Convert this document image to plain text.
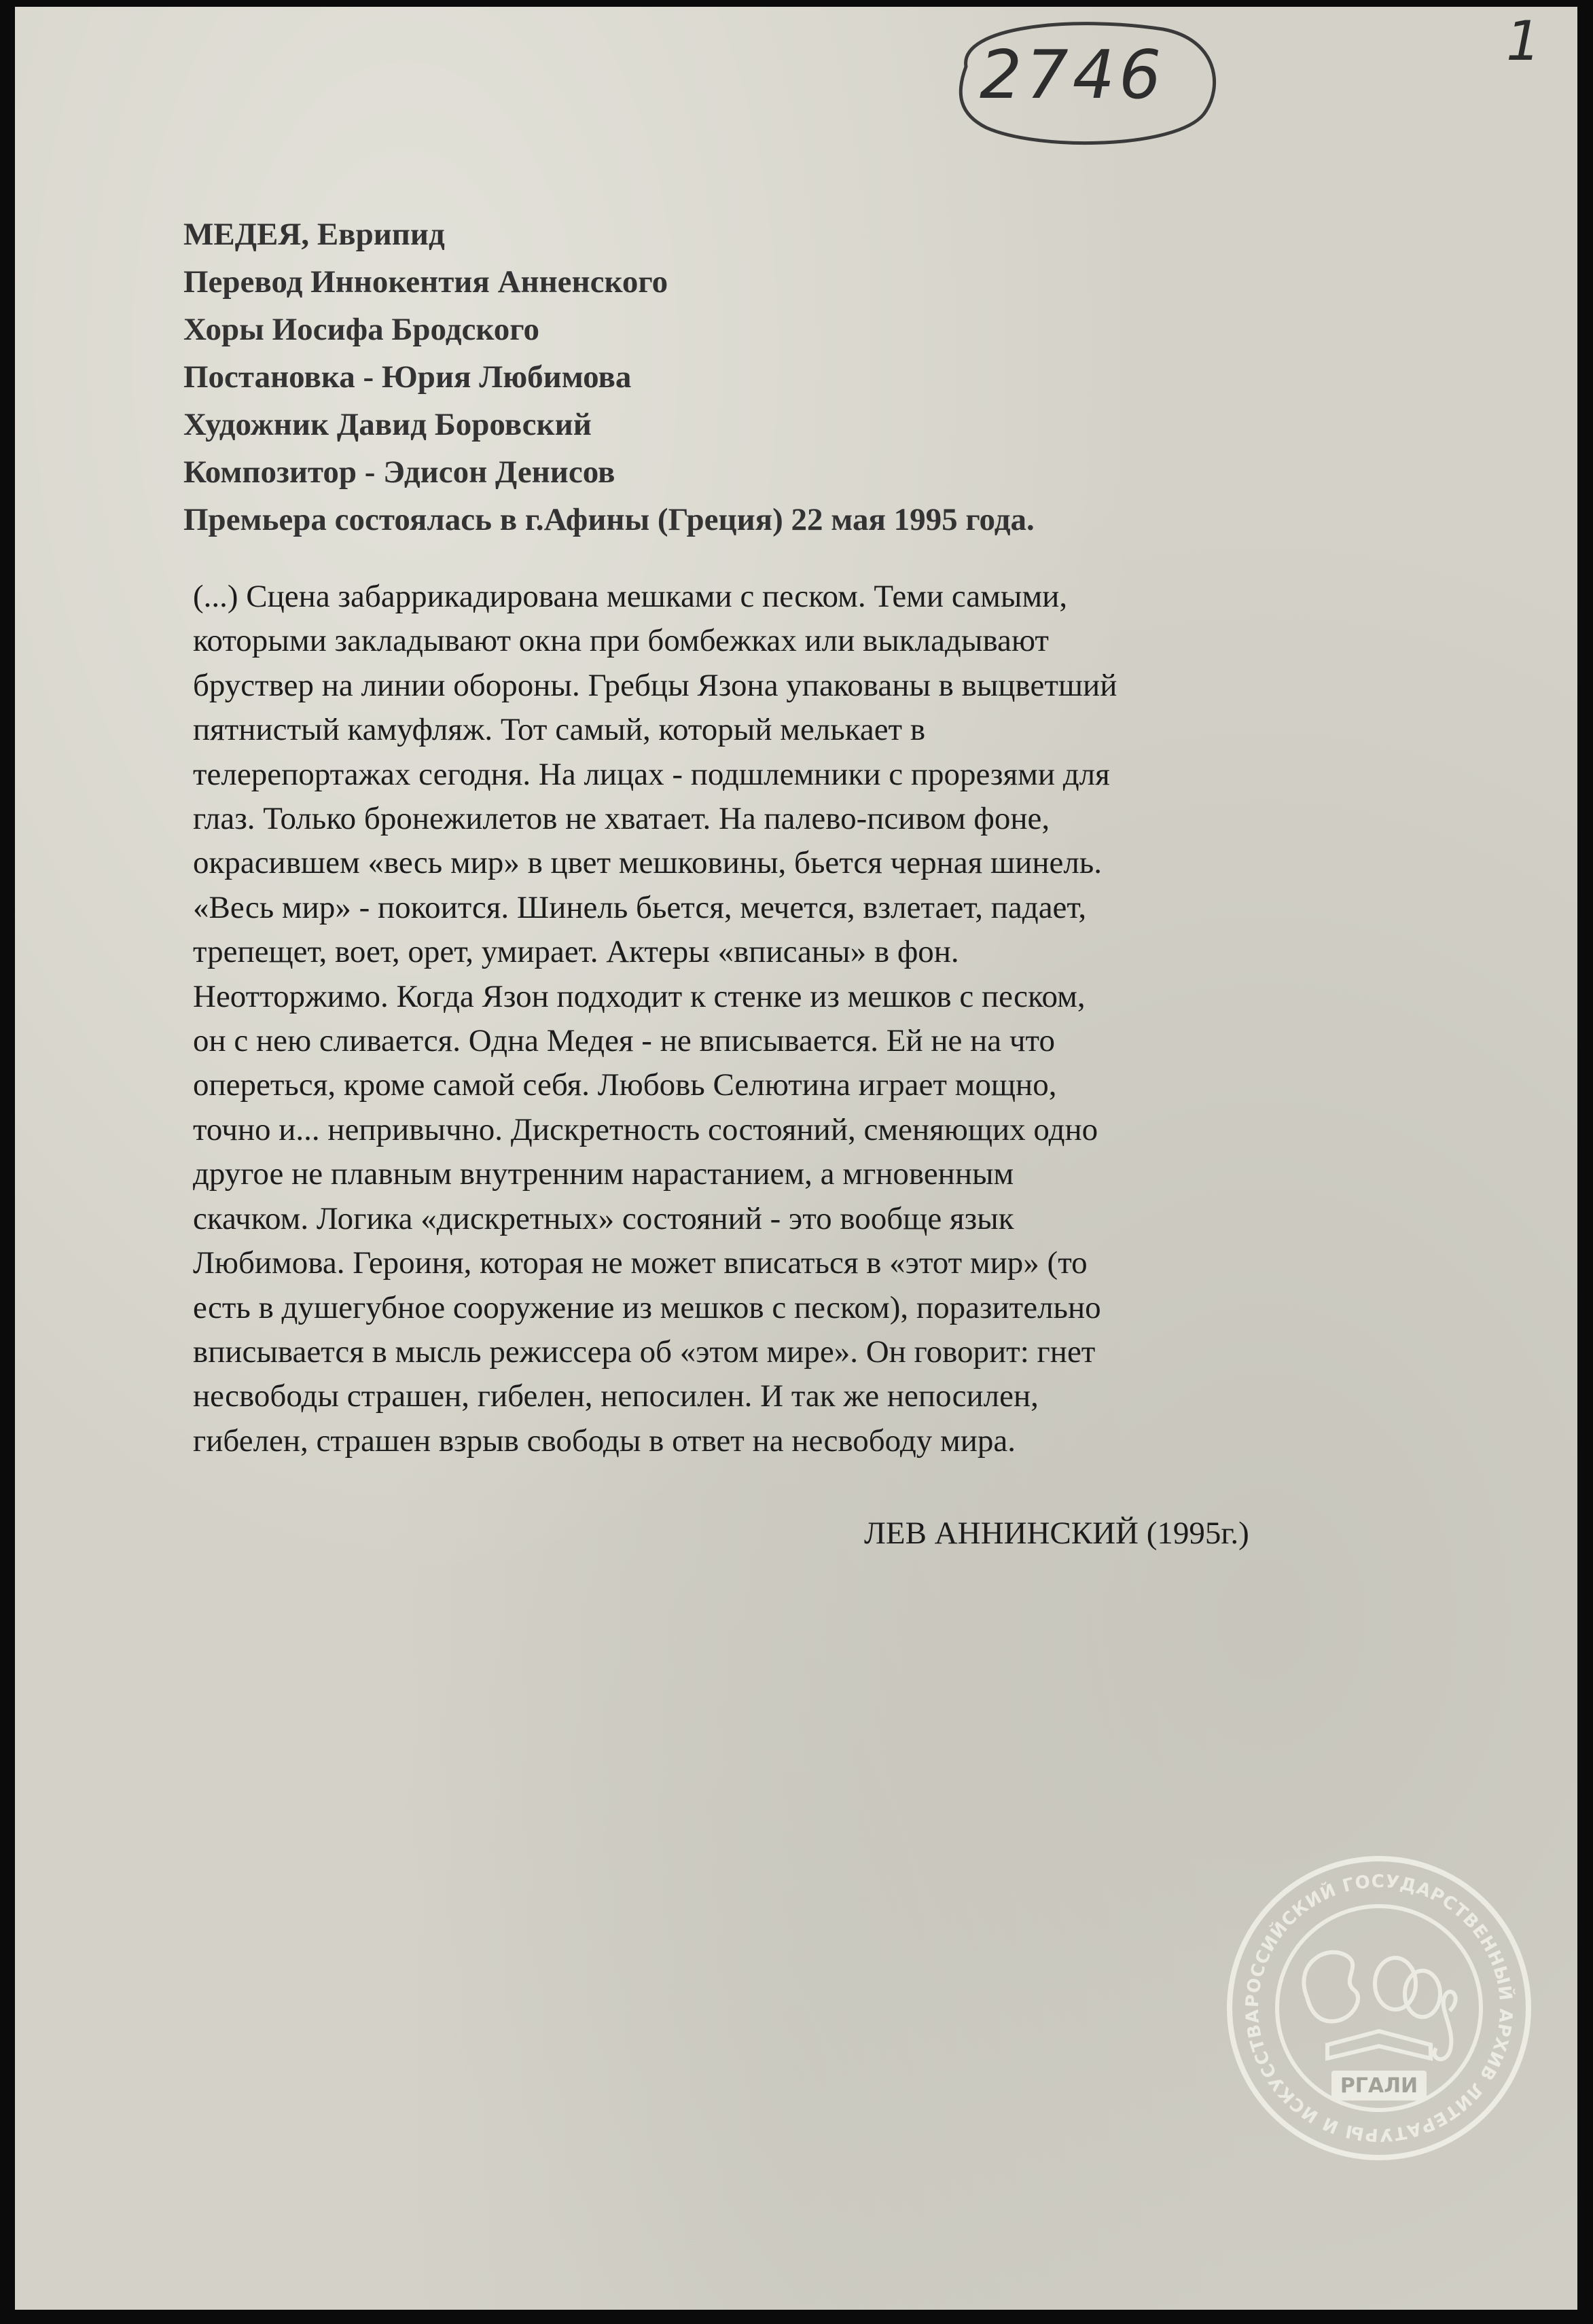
2746	1
МЕДЕЯ, Еврипид
Перевод Иннокентия Анненского
Хоры Иосифа Бродского
Постановка - Юрия Любимова
Художник Давид Боровский
Композитор - Эдисон Денисов
Премьера состоялась в г.Афины (Греция) 22 мая 1995 года.
(...) Сцена забаррикадирована мешками с песком. Теми самыми,
которыми закладывают окна при бомбежках или выкладывают
бруствер на линии обороны. Гребцы Язона упакованы в выцветший
пятнистый камуфляж. Тот самый, который мелькает в
телерепортажах сегодня. На лицах - подшлемники с прорезями для
глаз. Только бронежилетов не хватает. На палево-псивом фоне,
окрасившем «весь мир» в цвет мешковины, бьется черная шинель.
«Весь мир» - покоится. Шинель бьется, мечется, взлетает, падает,
трепещет, воет, орет, умирает. Актеры «вписаны» в фон.
Неотторжимо. Когда Язон подходит к стенке из мешков с песком,
он с нею сливается. Одна Медея - не вписывается. Ей не на что
опереться, кроме самой себя. Любовь Селютина играет мощно,
точно и... непривычно. Дискретность состояний, сменяющих одно
другое не плавным внутренним нарастанием, а мгновенным
скачком. Логика «дискретных» состояний - это вообще язык
Любимова. Героиня, которая не может вписаться в «этот мир» (то
есть в душегубное сооружение из мешков с песком), поразительно
вписывается в мысль режиссера об «этом мире». Он говорит: гнет
несвободы страшен, гибелен, непосилен. И так же непосилен,
гибелен, страшен взрыв свободы в ответ на несвободу мира.
ЛЕВ АННИНСКИЙ (1995г.)
РОССИЙСКИЙ ГОСУДАРСТВЕННЫЙ АРХИВ ЛИТЕРАТУРЫ И ИСКУССТВА
РГАЛИ
